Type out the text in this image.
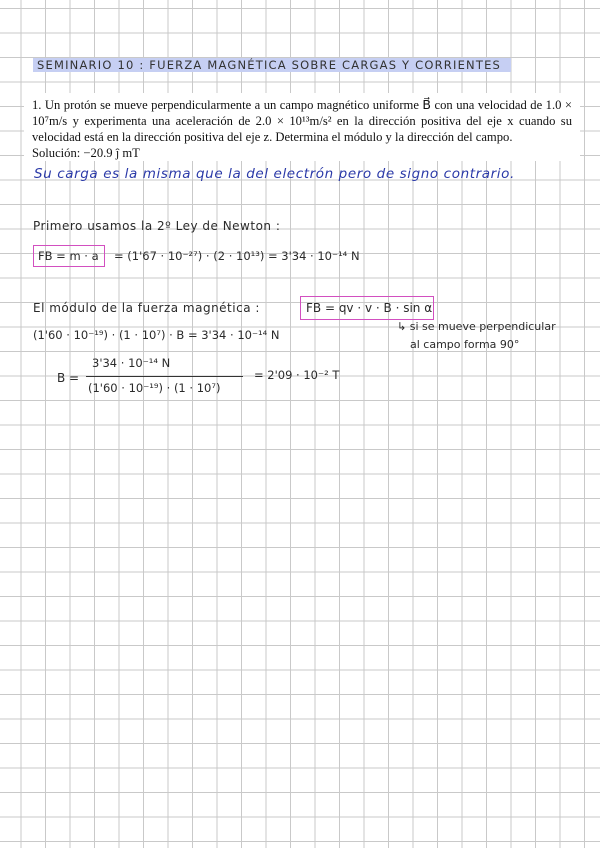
SEMINARIO 10 : FUERZA MAGNÉTICA SOBRE CARGAS Y CORRIENTES

1. Un protón se mueve perpendicularmente a un campo magnético uniforme B⃗ con una velocidad de 1.0 × 10⁷m/s y experimenta una aceleración de 2.0 × 10¹³m/s² en la dirección positiva del eje x cuando su velocidad está en la dirección positiva del eje z. Determina el módulo y la dirección del campo.

Solución: −20.9 ĵ mT

Su carga es la misma que la del electrón pero de signo contrario.
Primero usamos la 2º Ley de Newton :
FB = m · a = (1'67 · 10⁻²⁷) · (2 · 10¹³) = 3'34 · 10⁻¹⁴ N
El módulo de la fuerza magnética :	FB = qv · v · B · sin α
↳ si se mueve perpendicular
al campo forma 90°
(1'60 · 10⁻¹⁹) · (1 · 10⁷) · B = 3'34 · 10⁻¹⁴ N
B =
3'34 · 10⁻¹⁴ N
(1'60 · 10⁻¹⁹) · (1 · 10⁷)
= 2'09 · 10⁻² T
